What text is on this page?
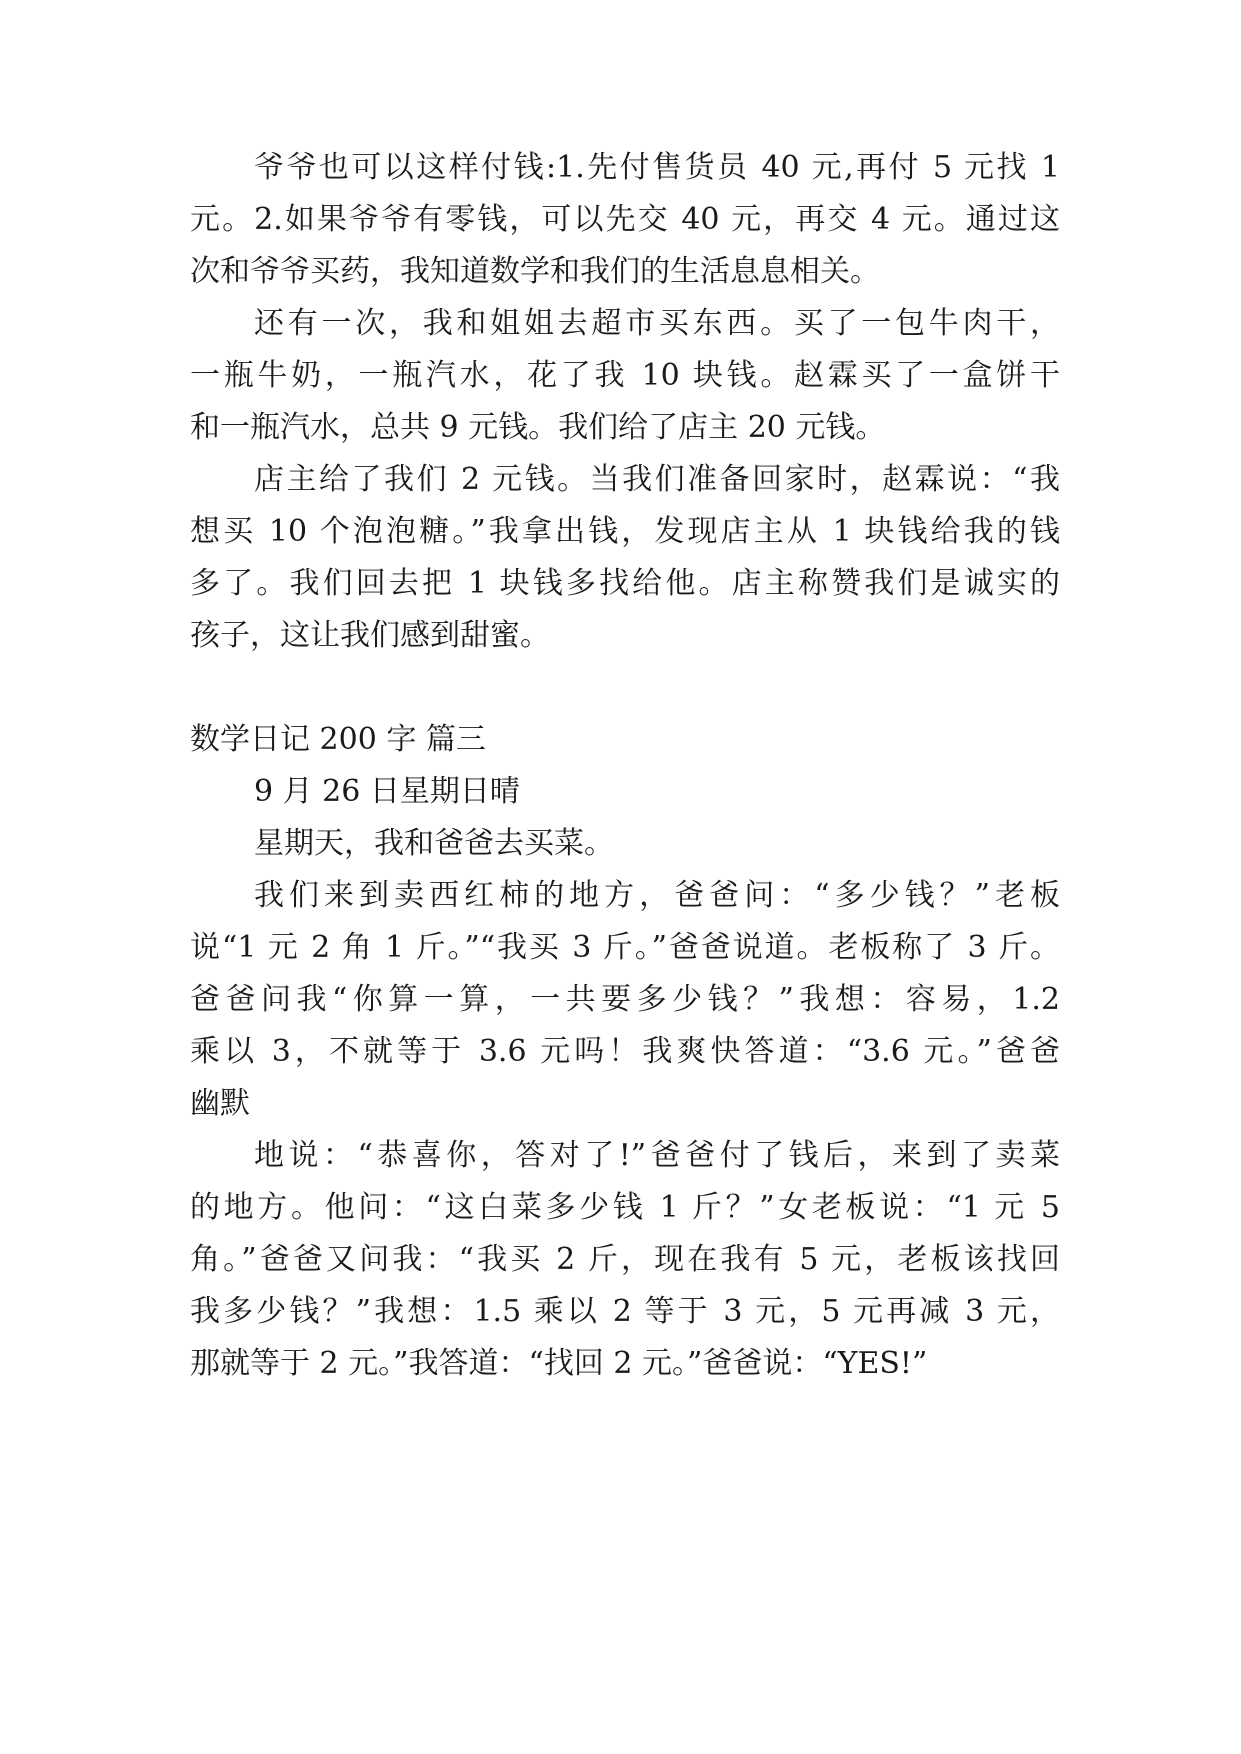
爷爷也可以这样付钱:1.先付售货员 40 元,再付 5 元找 1
元。2.如果爷爷有零钱，可以先交 40 元，再交 4 元。通过这
次和爷爷买药，我知道数学和我们的生活息息相关。
还有一次，我和姐姐去超市买东西。买了一包牛肉干，
一瓶牛奶，一瓶汽水，花了我 10 块钱。赵霖买了一盒饼干
和一瓶汽水，总共 9 元钱。我们给了店主 20 元钱。
店主给了我们 2 元钱。当我们准备回家时，赵霖说：“我
想买 10 个泡泡糖。”我拿出钱，发现店主从 1 块钱给我的钱
多了。我们回去把 1 块钱多找给他。店主称赞我们是诚实的
孩子，这让我们感到甜蜜。
数学日记 200 字 篇三
9 月 26 日星期日晴
星期天，我和爸爸去买菜。
我们来到卖西红柿的地方，爸爸问：“多少钱？”老板
说“1 元 2 角 1 斤。”“我买 3 斤。”爸爸说道。老板称了 3 斤。
爸爸问我“你算一算，一共要多少钱？”我想：容易，1.2
乘以 3，不就等于 3.6 元吗！我爽快答道：“3.6 元。”爸爸
幽默
地说：“恭喜你，答对了!”爸爸付了钱后，来到了卖菜
的地方。他问：“这白菜多少钱 1 斤？”女老板说：“1 元 5
角。”爸爸又问我：“我买 2 斤，现在我有 5 元，老板该找回
我多少钱？”我想：1.5 乘以 2 等于 3 元，5 元再减 3 元，
那就等于 2 元。”我答道：“找回 2 元。”爸爸说：“YES!”
